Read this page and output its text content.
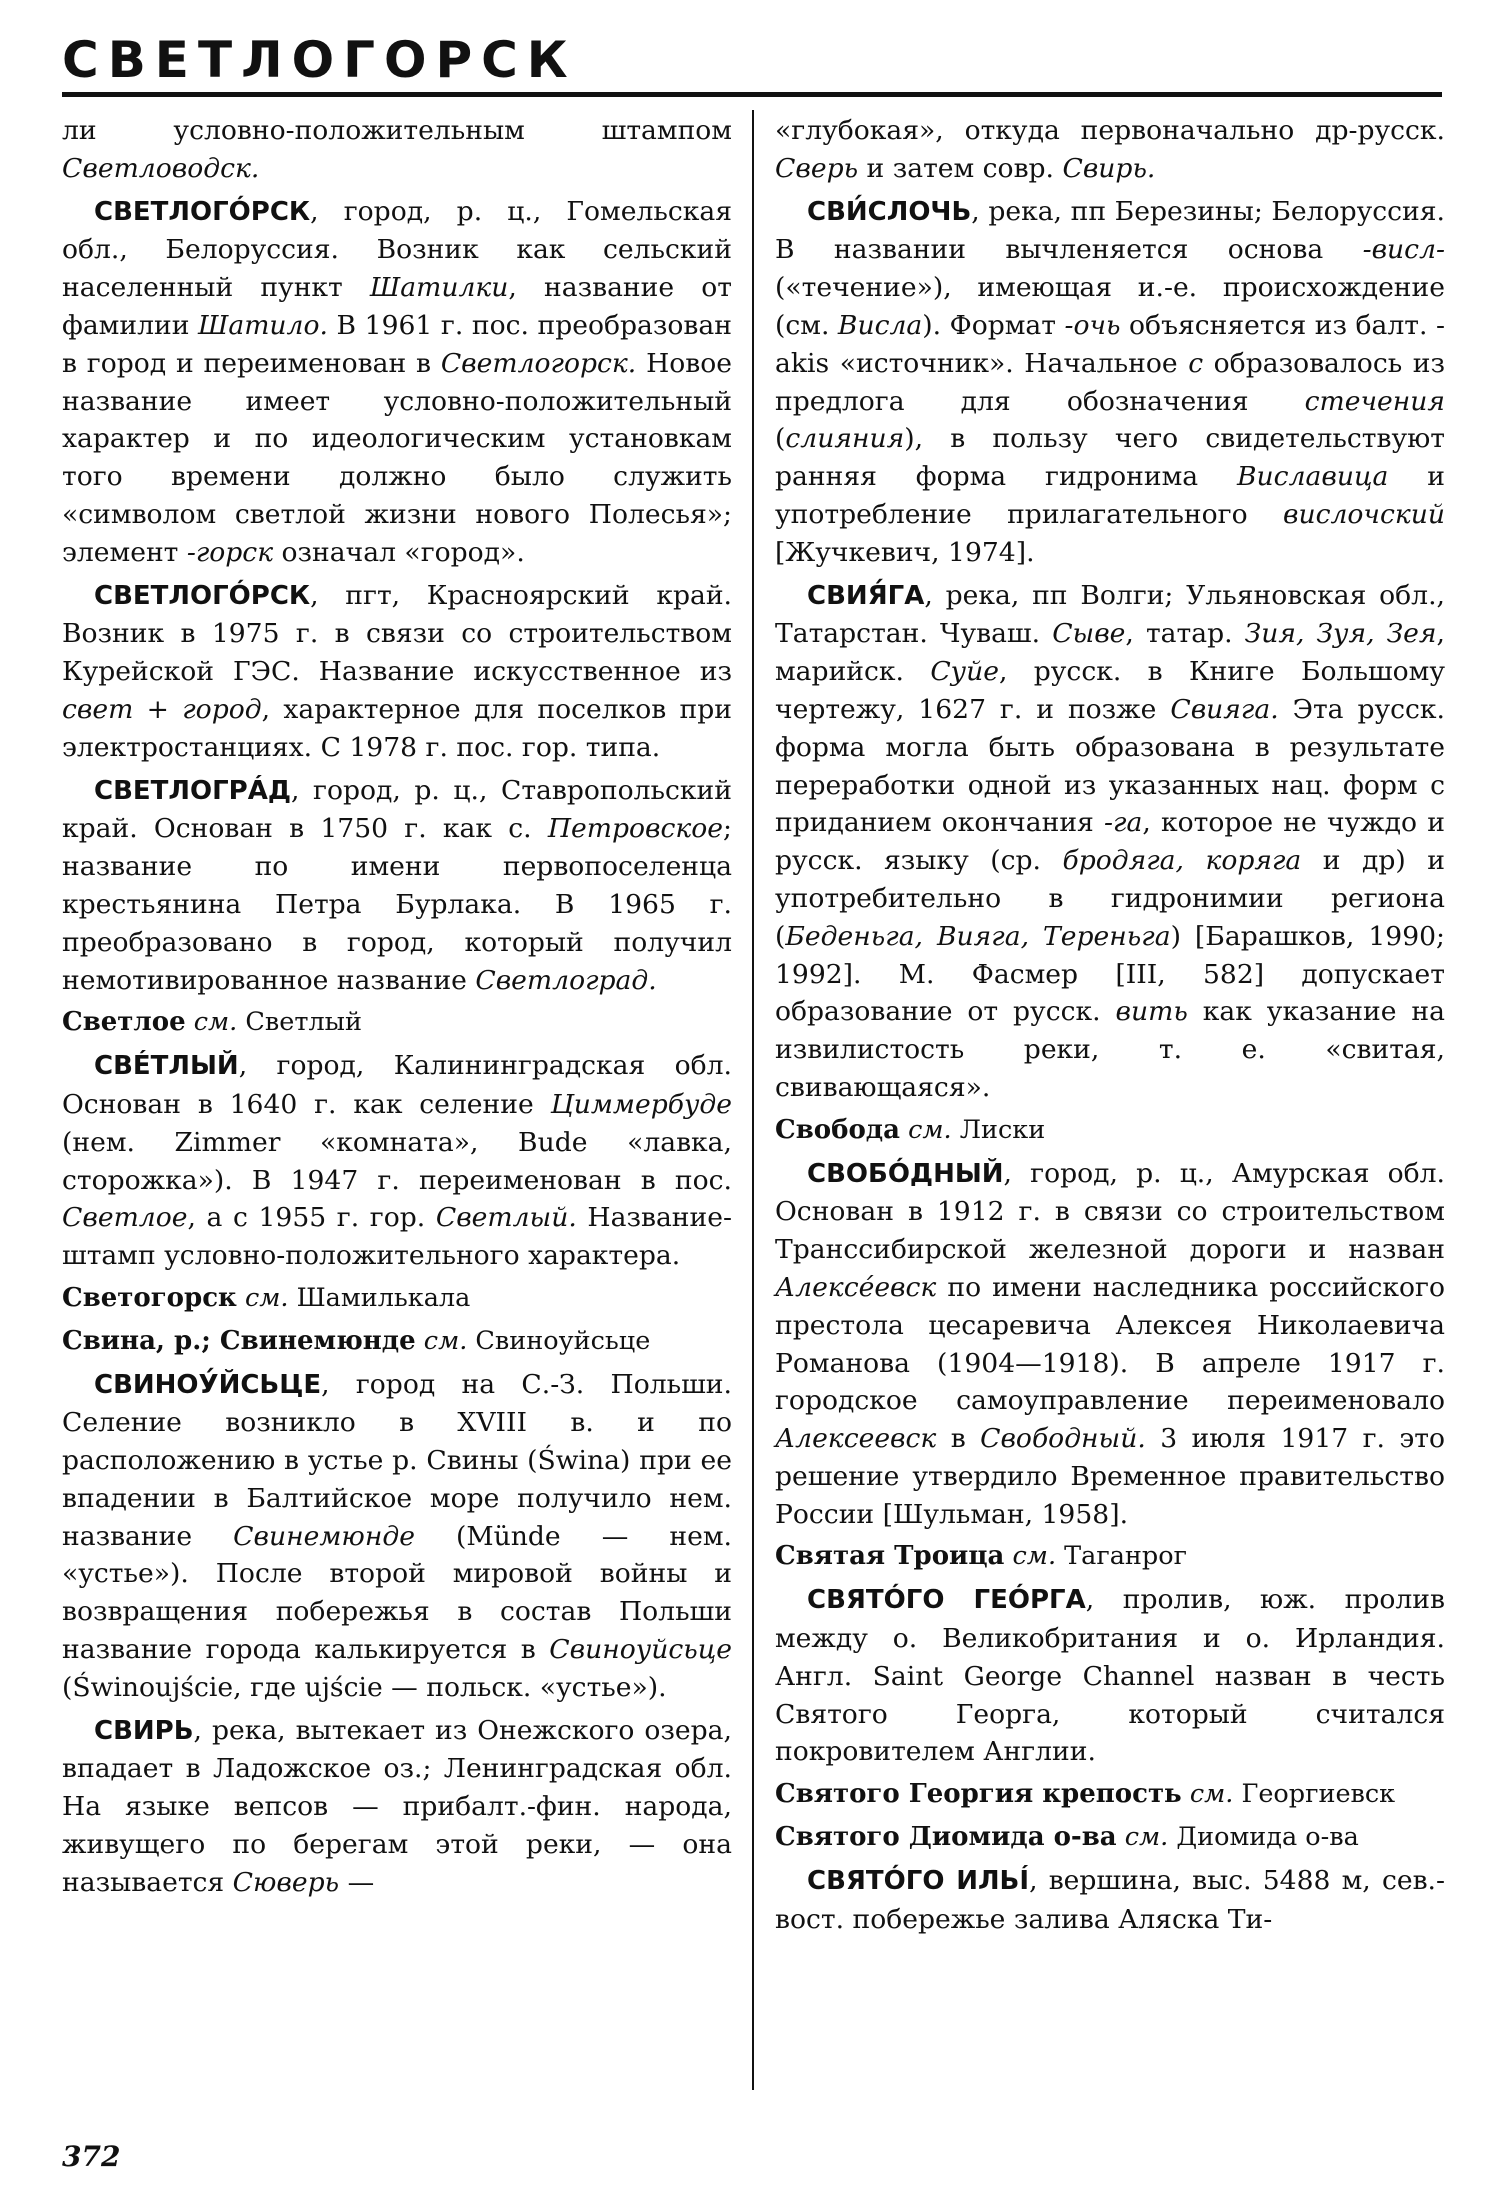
СВЕТЛОГОРСК

ли условно-положительным штампом Светловодск.

СВЕТЛОГÓРСК, город, р. ц., Гомельская обл., Белоруссия. Возник как сельский населенный пункт Шатилки, название от фамилии Шатило. В 1961 г. пос. преобразован в город и переименован в Светлогорск. Новое название имеет условно-положительный характер и по идеологическим установкам того времени должно было служить «символом светлой жизни нового Полесья»; элемент -горск означал «город».

СВЕТЛОГÓРСК, пгт, Красноярский край. Возник в 1975 г. в связи со строительством Курейской ГЭС. Название искусственное из свет + город, характерное для поселков при электростанциях. С 1978 г. пос. гор. типа.

СВЕТЛОГРÁД, город, р. ц., Ставропольский край. Основан в 1750 г. как с. Петровское; название по имени первопоселенца крестьянина Петра Бурлака. В 1965 г. преобразовано в город, который получил немотивированное название Светлоград.

Светлое см. Светлый

СВÉТЛЫЙ, город, Калининградская обл. Основан в 1640 г. как селение Циммербуде (нем. Zimmer «комната», Bude «лавка, сторожка»). В 1947 г. переименован в пос. Светлое, а с 1955 г. гор. Светлый. Название-штамп условно-положительного характера.

Светогорск см. Шамилькала

Свина, р.; Свинемюнде см. Свиноуйсьце

СВИНОУ́ЙСЬЦЕ, город на С.-З. Польши. Селение возникло в XVIII в. и по расположению в устье р. Свины (Świna) при ее впадении в Балтийское море получило нем. название Свинемюнде (Münde — нем. «устье»). После второй мировой войны и возвращения побережья в состав Польши название города калькируется в Свиноуйсьце (Świnoujście, где ujście — польск. «устье»).

СВИРЬ, река, вытекает из Онежского озера, впадает в Ладожское оз.; Ленинградская обл. На языке вепсов — прибалт.-фин. народа, живущего по берегам этой реки, — она называется Сюверь —

«глубокая», откуда первоначально др-русск. Сверь и затем совр. Свирь.

СВИ́СЛОЧЬ, река, пп Березины; Белоруссия. В названии вычленяется основа -висл- («течение»), имеющая и.-е. происхождение (см. Висла). Формат -очь объясняется из балт. -akis «источник». Начальное с образовалось из предлога для обозначения стечения (слияния), в пользу чего свидетельствуют ранняя форма гидронима Виславица и употребление прилагательного вислочский [Жучкевич, 1974].

СВИЯ́ГА, река, пп Волги; Ульяновская обл., Татарстан. Чуваш. Сыве, татар. Зия, Зуя, Зея, марийск. Суйе, русск. в Книге Большому чертежу, 1627 г. и позже Свияга. Эта русск. форма могла быть образована в результате переработки одной из указанных нац. форм с приданием окончания -га, которое не чуждо и русск. языку (ср. бродяга, коряга и др) и употребительно в гидронимии региона (Беденьга, Вияга, Тереньга) [Барашков, 1990; 1992]. М. Фасмер [III, 582] допускает образование от русск. вить как указание на извилистость реки, т. е. «свитая, свивающаяся».

Свобода см. Лиски

СВОБÓДНЫЙ, город, р. ц., Амурская обл. Основан в 1912 г. в связи со строительством Транссибирской железной дороги и назван Алексéевск по имени наследника российского престола цесаревича Алексея Николаевича Романова (1904—1918). В апреле 1917 г. городское самоуправление переименовало Алексеевск в Свободный. 3 июля 1917 г. это решение утвердило Временное правительство России [Шульман, 1958].

Святая Троица см. Таганрог

СВЯТÓГО ГЕÓРГА, пролив, юж. пролив между о. Великобритания и о. Ирландия. Англ. Saint George Channel назван в честь Святого Георга, который считался покровителем Англии.

Святого Георгия крепость см. Георгиевск

Святого Диомида о-ва см. Диомида о-ва

СВЯТÓГО ИЛЬÍ, вершина, выс. 5488 м, сев.-вост. побережье залива Аляска Ти-

372
